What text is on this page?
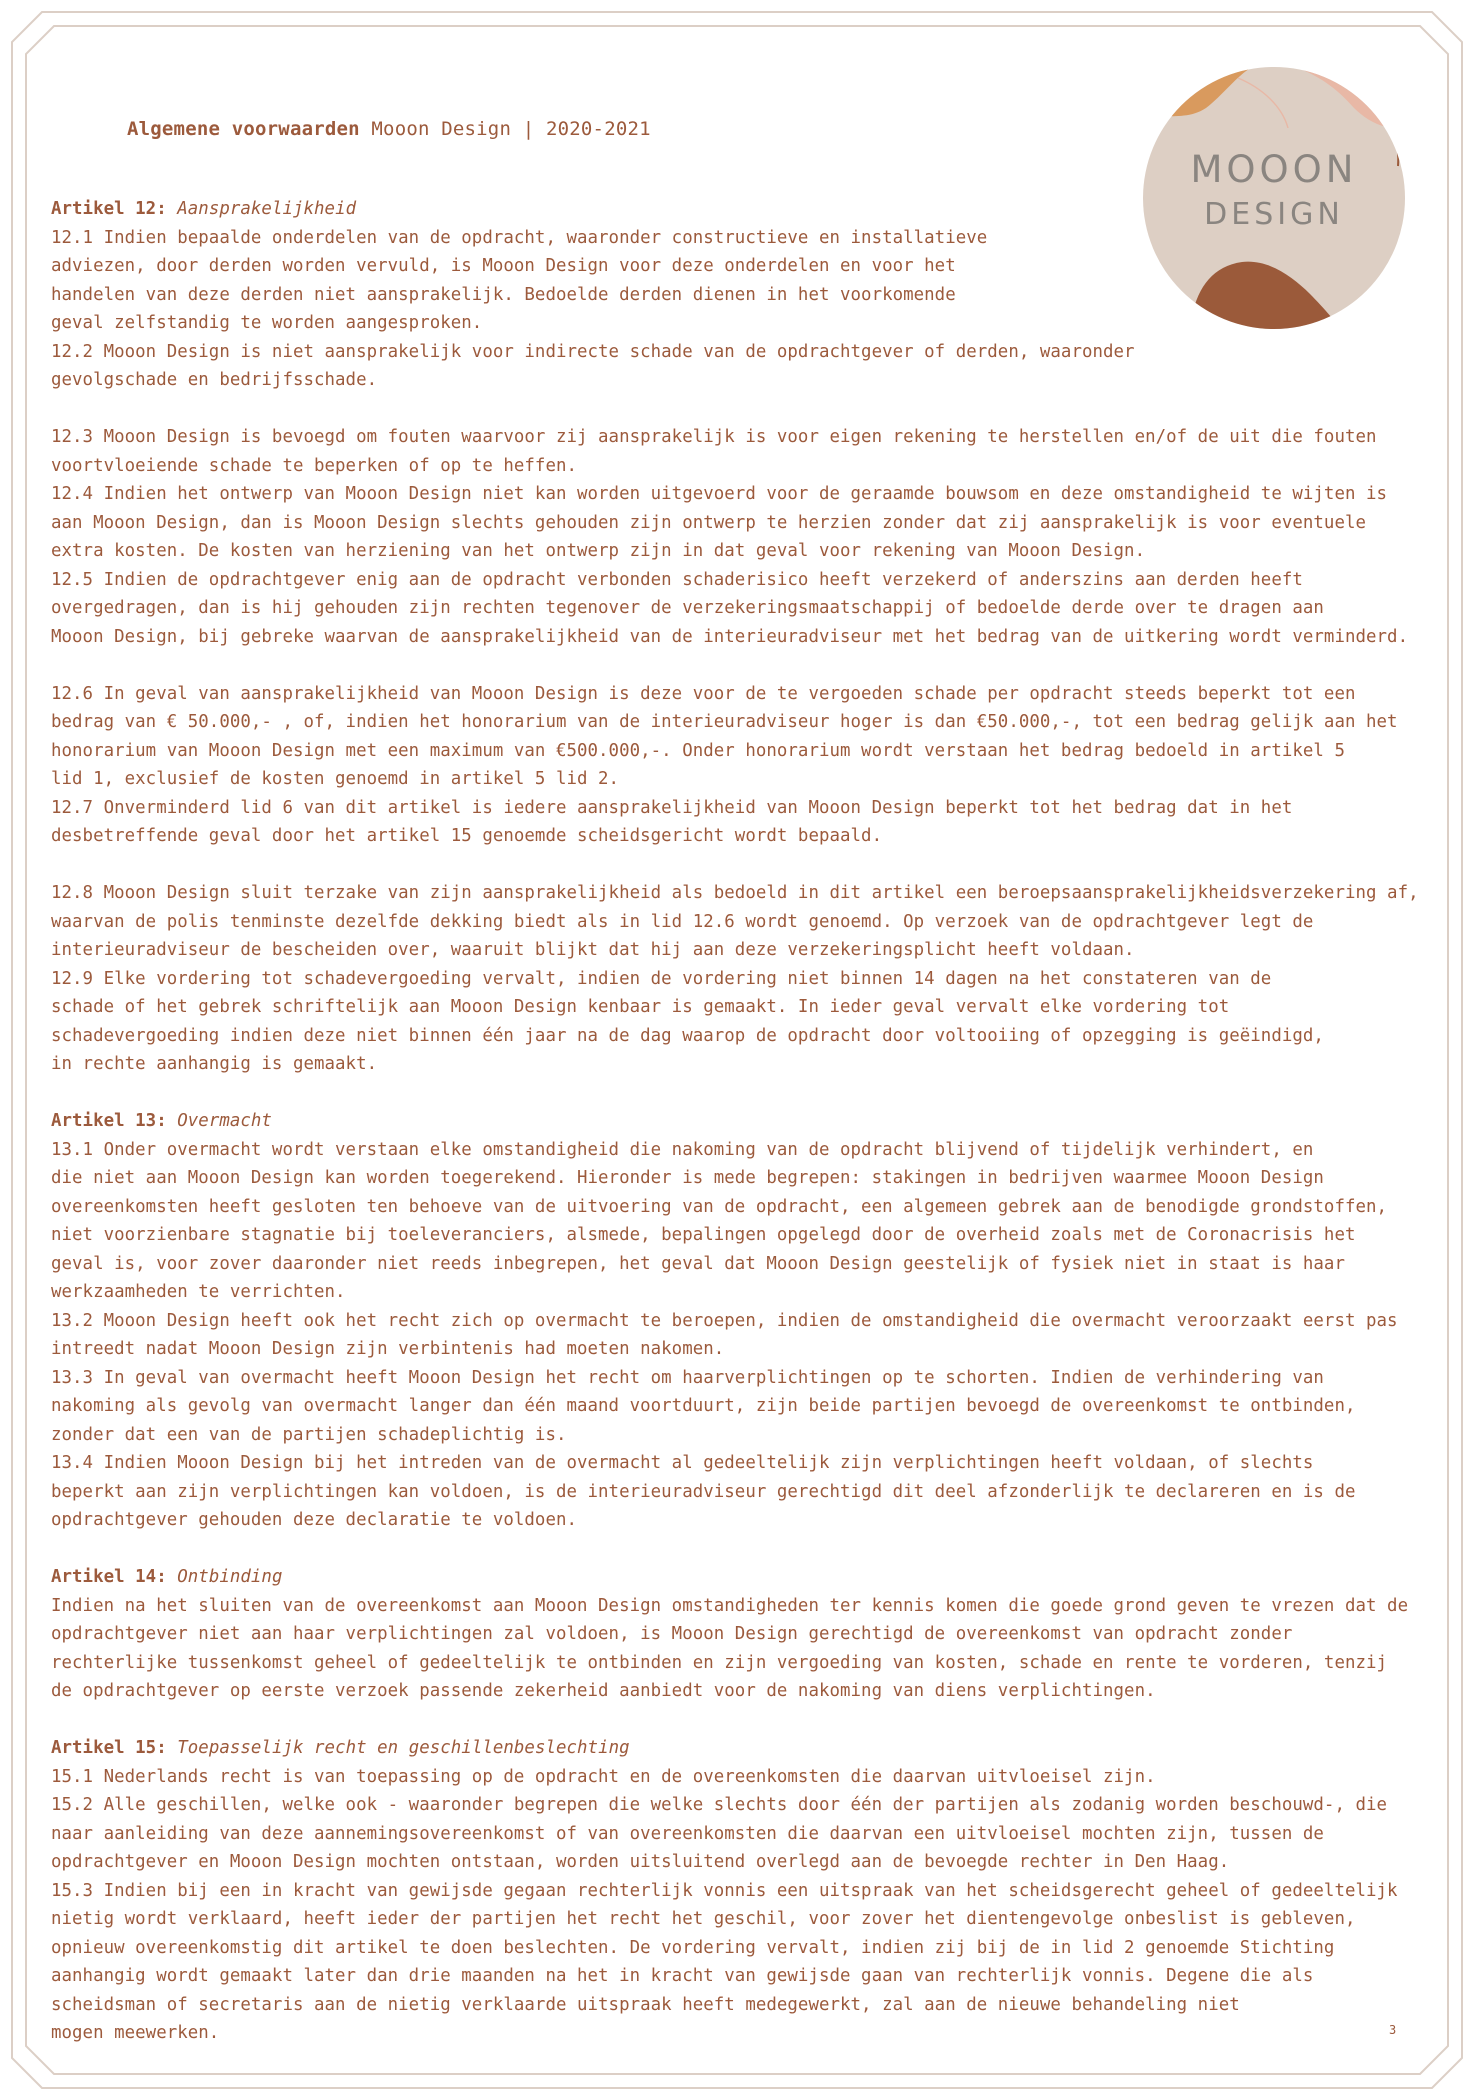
Algemene voorwaarden Mooon Design | 2020-2021
MOOON
DESIGN
Artikel 12: Aansprakelijkheid
12.1 Indien bepaalde onderdelen van de opdracht, waaronder constructieve en installatieve
adviezen, door derden worden vervuld, is Mooon Design voor deze onderdelen en voor het
handelen van deze derden niet aansprakelijk. Bedoelde derden dienen in het voorkomende
geval zelfstandig te worden aangesproken.
12.2 Mooon Design is niet aansprakelijk voor indirecte schade van de opdrachtgever of derden, waaronder
gevolgschade en bedrijfsschade.
12.3 Mooon Design is bevoegd om fouten waarvoor zij aansprakelijk is voor eigen rekening te herstellen en/of de uit die fouten
voortvloeiende schade te beperken of op te heffen.
12.4 Indien het ontwerp van Mooon Design niet kan worden uitgevoerd voor de geraamde bouwsom en deze omstandigheid te wijten is
aan Mooon Design, dan is Mooon Design slechts gehouden zijn ontwerp te herzien zonder dat zij aansprakelijk is voor eventuele
extra kosten. De kosten van herziening van het ontwerp zijn in dat geval voor rekening van Mooon Design.
12.5 Indien de opdrachtgever enig aan de opdracht verbonden schaderisico heeft verzekerd of anderszins aan derden heeft
overgedragen, dan is hij gehouden zijn rechten tegenover de verzekeringsmaatschappij of bedoelde derde over te dragen aan
Mooon Design, bij gebreke waarvan de aansprakelijkheid van de interieuradviseur met het bedrag van de uitkering wordt verminderd.
12.6 In geval van aansprakelijkheid van Mooon Design is deze voor de te vergoeden schade per opdracht steeds beperkt tot een
bedrag van € 50.000,- , of, indien het honorarium van de interieuradviseur hoger is dan €50.000,-, tot een bedrag gelijk aan het
honorarium van Mooon Design met een maximum van €500.000,-. Onder honorarium wordt verstaan het bedrag bedoeld in artikel 5
lid 1, exclusief de kosten genoemd in artikel 5 lid 2.
12.7 Onverminderd lid 6 van dit artikel is iedere aansprakelijkheid van Mooon Design beperkt tot het bedrag dat in het
desbetreffende geval door het artikel 15 genoemde scheidsgericht wordt bepaald.
12.8 Mooon Design sluit terzake van zijn aansprakelijkheid als bedoeld in dit artikel een beroepsaansprakelijkheidsverzekering af,
waarvan de polis tenminste dezelfde dekking biedt als in lid 12.6 wordt genoemd. Op verzoek van de opdrachtgever legt de
interieuradviseur de bescheiden over, waaruit blijkt dat hij aan deze verzekeringsplicht heeft voldaan.
12.9 Elke vordering tot schadevergoeding vervalt, indien de vordering niet binnen 14 dagen na het constateren van de
schade of het gebrek schriftelijk aan Mooon Design kenbaar is gemaakt. In ieder geval vervalt elke vordering tot
schadevergoeding indien deze niet binnen één jaar na de dag waarop de opdracht door voltooiing of opzegging is geëindigd,
in rechte aanhangig is gemaakt.
Artikel 13: Overmacht
13.1 Onder overmacht wordt verstaan elke omstandigheid die nakoming van de opdracht blijvend of tijdelijk verhindert, en
die niet aan Mooon Design kan worden toegerekend. Hieronder is mede begrepen: stakingen in bedrijven waarmee Mooon Design
overeenkomsten heeft gesloten ten behoeve van de uitvoering van de opdracht, een algemeen gebrek aan de benodigde grondstoffen,
niet voorzienbare stagnatie bij toeleveranciers, alsmede, bepalingen opgelegd door de overheid zoals met de Coronacrisis het
geval is, voor zover daaronder niet reeds inbegrepen, het geval dat Mooon Design geestelijk of fysiek niet in staat is haar
werkzaamheden te verrichten.
13.2 Mooon Design heeft ook het recht zich op overmacht te beroepen, indien de omstandigheid die overmacht veroorzaakt eerst pas
intreedt nadat Mooon Design zijn verbintenis had moeten nakomen.
13.3 In geval van overmacht heeft Mooon Design het recht om haarverplichtingen op te schorten. Indien de verhindering van
nakoming als gevolg van overmacht langer dan één maand voortduurt, zijn beide partijen bevoegd de overeenkomst te ontbinden,
zonder dat een van de partijen schadeplichtig is.
13.4 Indien Mooon Design bij het intreden van de overmacht al gedeeltelijk zijn verplichtingen heeft voldaan, of slechts
beperkt aan zijn verplichtingen kan voldoen, is de interieuradviseur gerechtigd dit deel afzonderlijk te declareren en is de
opdrachtgever gehouden deze declaratie te voldoen.
Artikel 14: Ontbinding
Indien na het sluiten van de overeenkomst aan Mooon Design omstandigheden ter kennis komen die goede grond geven te vrezen dat de
opdrachtgever niet aan haar verplichtingen zal voldoen, is Mooon Design gerechtigd de overeenkomst van opdracht zonder
rechterlijke tussenkomst geheel of gedeeltelijk te ontbinden en zijn vergoeding van kosten, schade en rente te vorderen, tenzij
de opdrachtgever op eerste verzoek passende zekerheid aanbiedt voor de nakoming van diens verplichtingen.
Artikel 15: Toepasselijk recht en geschillenbeslechting
15.1 Nederlands recht is van toepassing op de opdracht en de overeenkomsten die daarvan uitvloeisel zijn.
15.2 Alle geschillen, welke ook - waaronder begrepen die welke slechts door één der partijen als zodanig worden beschouwd-, die
naar aanleiding van deze aannemingsovereenkomst of van overeenkomsten die daarvan een uitvloeisel mochten zijn, tussen de
opdrachtgever en Mooon Design mochten ontstaan, worden uitsluitend overlegd aan de bevoegde rechter in Den Haag.
15.3 Indien bij een in kracht van gewijsde gegaan rechterlijk vonnis een uitspraak van het scheidsgerecht geheel of gedeeltelijk
nietig wordt verklaard, heeft ieder der partijen het recht het geschil, voor zover het dientengevolge onbeslist is gebleven,
opnieuw overeenkomstig dit artikel te doen beslechten. De vordering vervalt, indien zij bij de in lid 2 genoemde Stichting
aanhangig wordt gemaakt later dan drie maanden na het in kracht van gewijsde gaan van rechterlijk vonnis. Degene die als
scheidsman of secretaris aan de nietig verklaarde uitspraak heeft medegewerkt, zal aan de nieuwe behandeling niet
mogen meewerken.	3
